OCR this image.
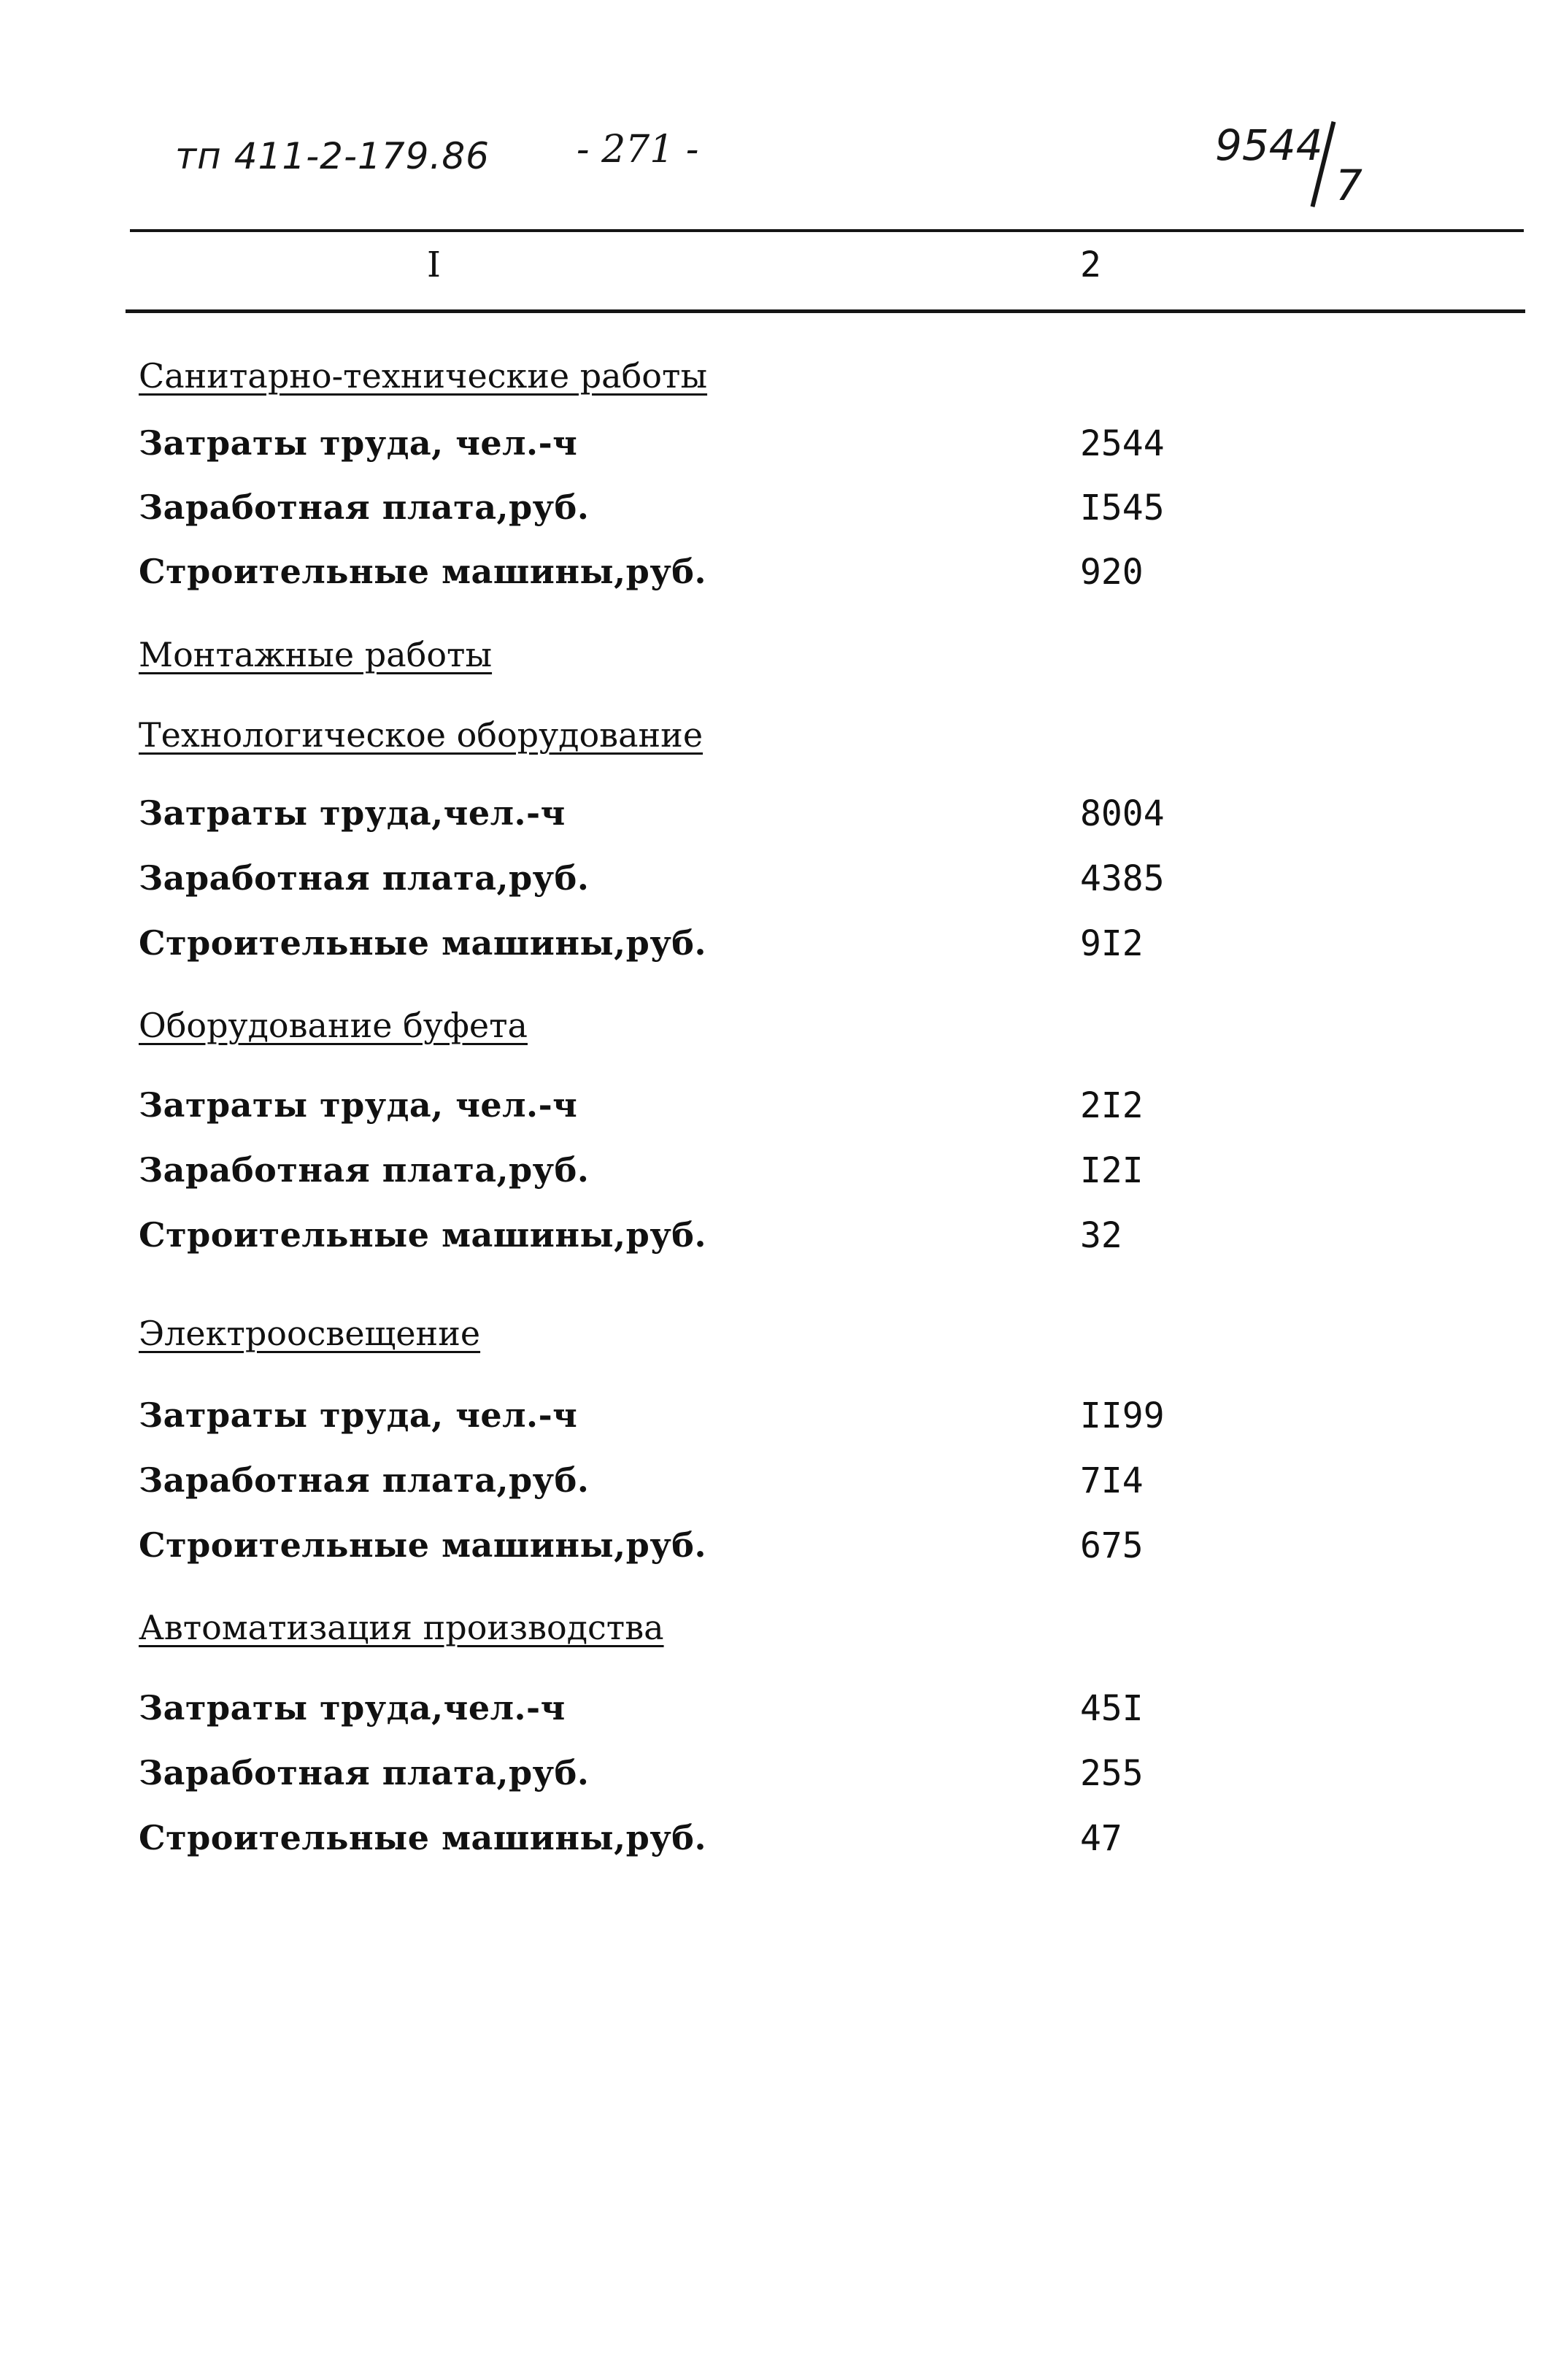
тп 411-2-179.86 - 271 -	9544
7
I	2
Санитарно-технические работы
Затраты труда, чел.-ч	2544
Заработная плата,руб.	I545
Строительные машины,руб.	920
Монтажные работы
Технологическое оборудование
Затраты труда,чел.-ч	8004
Заработная плата,руб.	4385
Строительные машины,руб.	9I2
Оборудование буфета
Затраты труда, чел.-ч	2I2
Заработная плата,руб.	I2I
Строительные машины,руб.	32
Электроосвещение
Затраты труда, чел.-ч	II99
Заработная плата,руб.	7I4
Строительные машины,руб.	675
Автоматизация производства
Затраты труда,чел.-ч	45I
Заработная плата,руб.	255
Строительные машины,руб.	47
